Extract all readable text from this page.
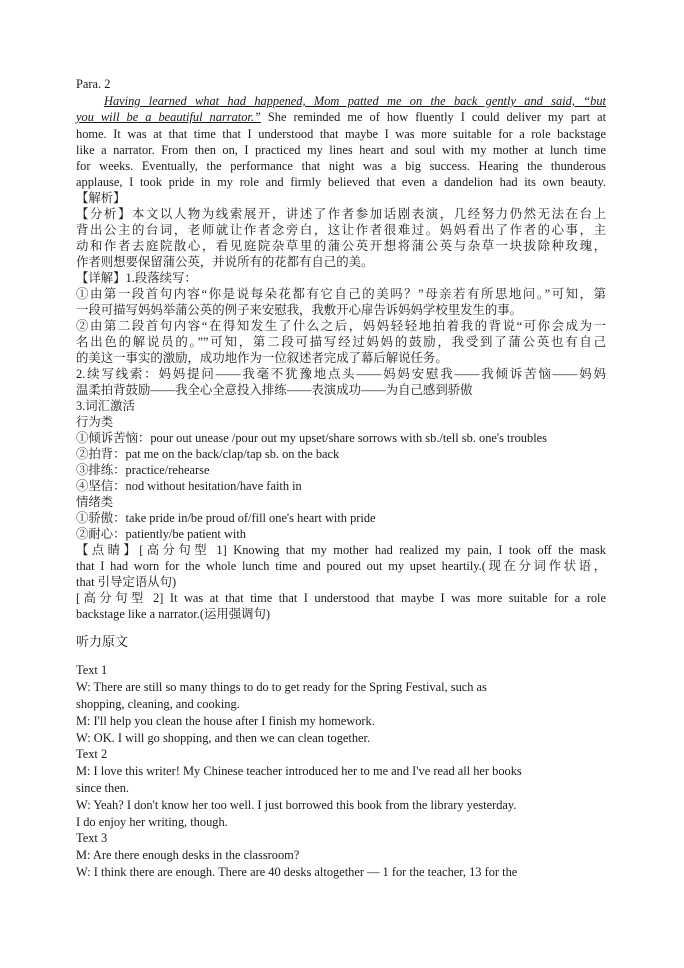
Para. 2
Having learned what had happened, Mom patted me on the back gently and said, “but
you will be a beautiful narrator.” She reminded me of how fluently I could deliver my part at
home. It was at that time that I understood that maybe I was more suitable for a role backstage
like a narrator. From then on, I practiced my lines heart and soul with my mother at lunch time
for weeks. Eventually, the performance that night was a big success. Hearing the thunderous
applause, I took pride in my role and firmly believed that even a dandelion had its own beauty.
【解析】
【分析】本文以人物为线索展开，讲述了作者参加话剧表演，几经努力仍然无法在台上
背出公主的台词，老师就让作者念旁白，这让作者很难过。妈妈看出了作者的心事，主
动和作者去庭院散心，看见庭院杂草里的蒲公英开想将蒲公英与杂草一块拔除种玫瑰，
作者则想要保留蒲公英，并说所有的花都有自己的美。
【详解】1.段落续写：
①由第一段首句内容“你是说每朵花都有它自己的美吗？”母亲若有所思地问。”可知，第
一段可描写妈妈举蒲公英的例子来安慰我，我敷开心扉告诉妈妈学校里发生的事。
②由第二段首句内容“在得知发生了什么之后，妈妈轻轻地拍着我的背说“可你会成为一
名出色的解说员的。””可知，第二段可描写经过妈妈的鼓励，我受到了蒲公英也有自己
的美这一事实的激励，成功地作为一位叙述者完成了幕后解说任务。
2.续写线索：妈妈提问——我毫不犹豫地点头——妈妈安慰我——我倾诉苦恼——妈妈
温柔拍背鼓励——我全心全意投入排练——表演成功——为自己感到骄傲
3.词汇激活
行为类
①倾诉苦恼：pour out unease /pour out my upset/share sorrows with sb./tell sb. one's troubles
②拍背：pat me on the back/clap/tap sb. on the back
③排练：practice/rehearse
④坚信：nod without hesitation/have faith in
情绪类
①骄傲：take pride in/be proud of/fill one's heart with pride
②耐心：patiently/be patient with
【点睛】[高分句型 1] Knowing that my mother had realized my pain, I took off the mask
that I had worn for the whole lunch time and poured out my upset heartily.(现在分词作状语，
that 引导定语从句)
[高分句型 2] It was at that time that I understood that maybe I was more suitable for a role
backstage like a narrator.(运用强调句)
听力原文
Text 1
W: There are still so many things to do to get ready for the Spring Festival, such as
shopping, cleaning, and cooking.
M: I'll help you clean the house after I finish my homework.
W: OK. I will go shopping, and then we can clean together.
Text 2
M: I love this writer! My Chinese teacher introduced her to me and I've read all her books
since then.
W: Yeah? I don't know her too well. I just borrowed this book from the library yesterday.
I do enjoy her writing, though.
Text 3
M: Are there enough desks in the classroom?
W: I think there are enough. There are 40 desks altogether — 1 for the teacher, 13 for the
